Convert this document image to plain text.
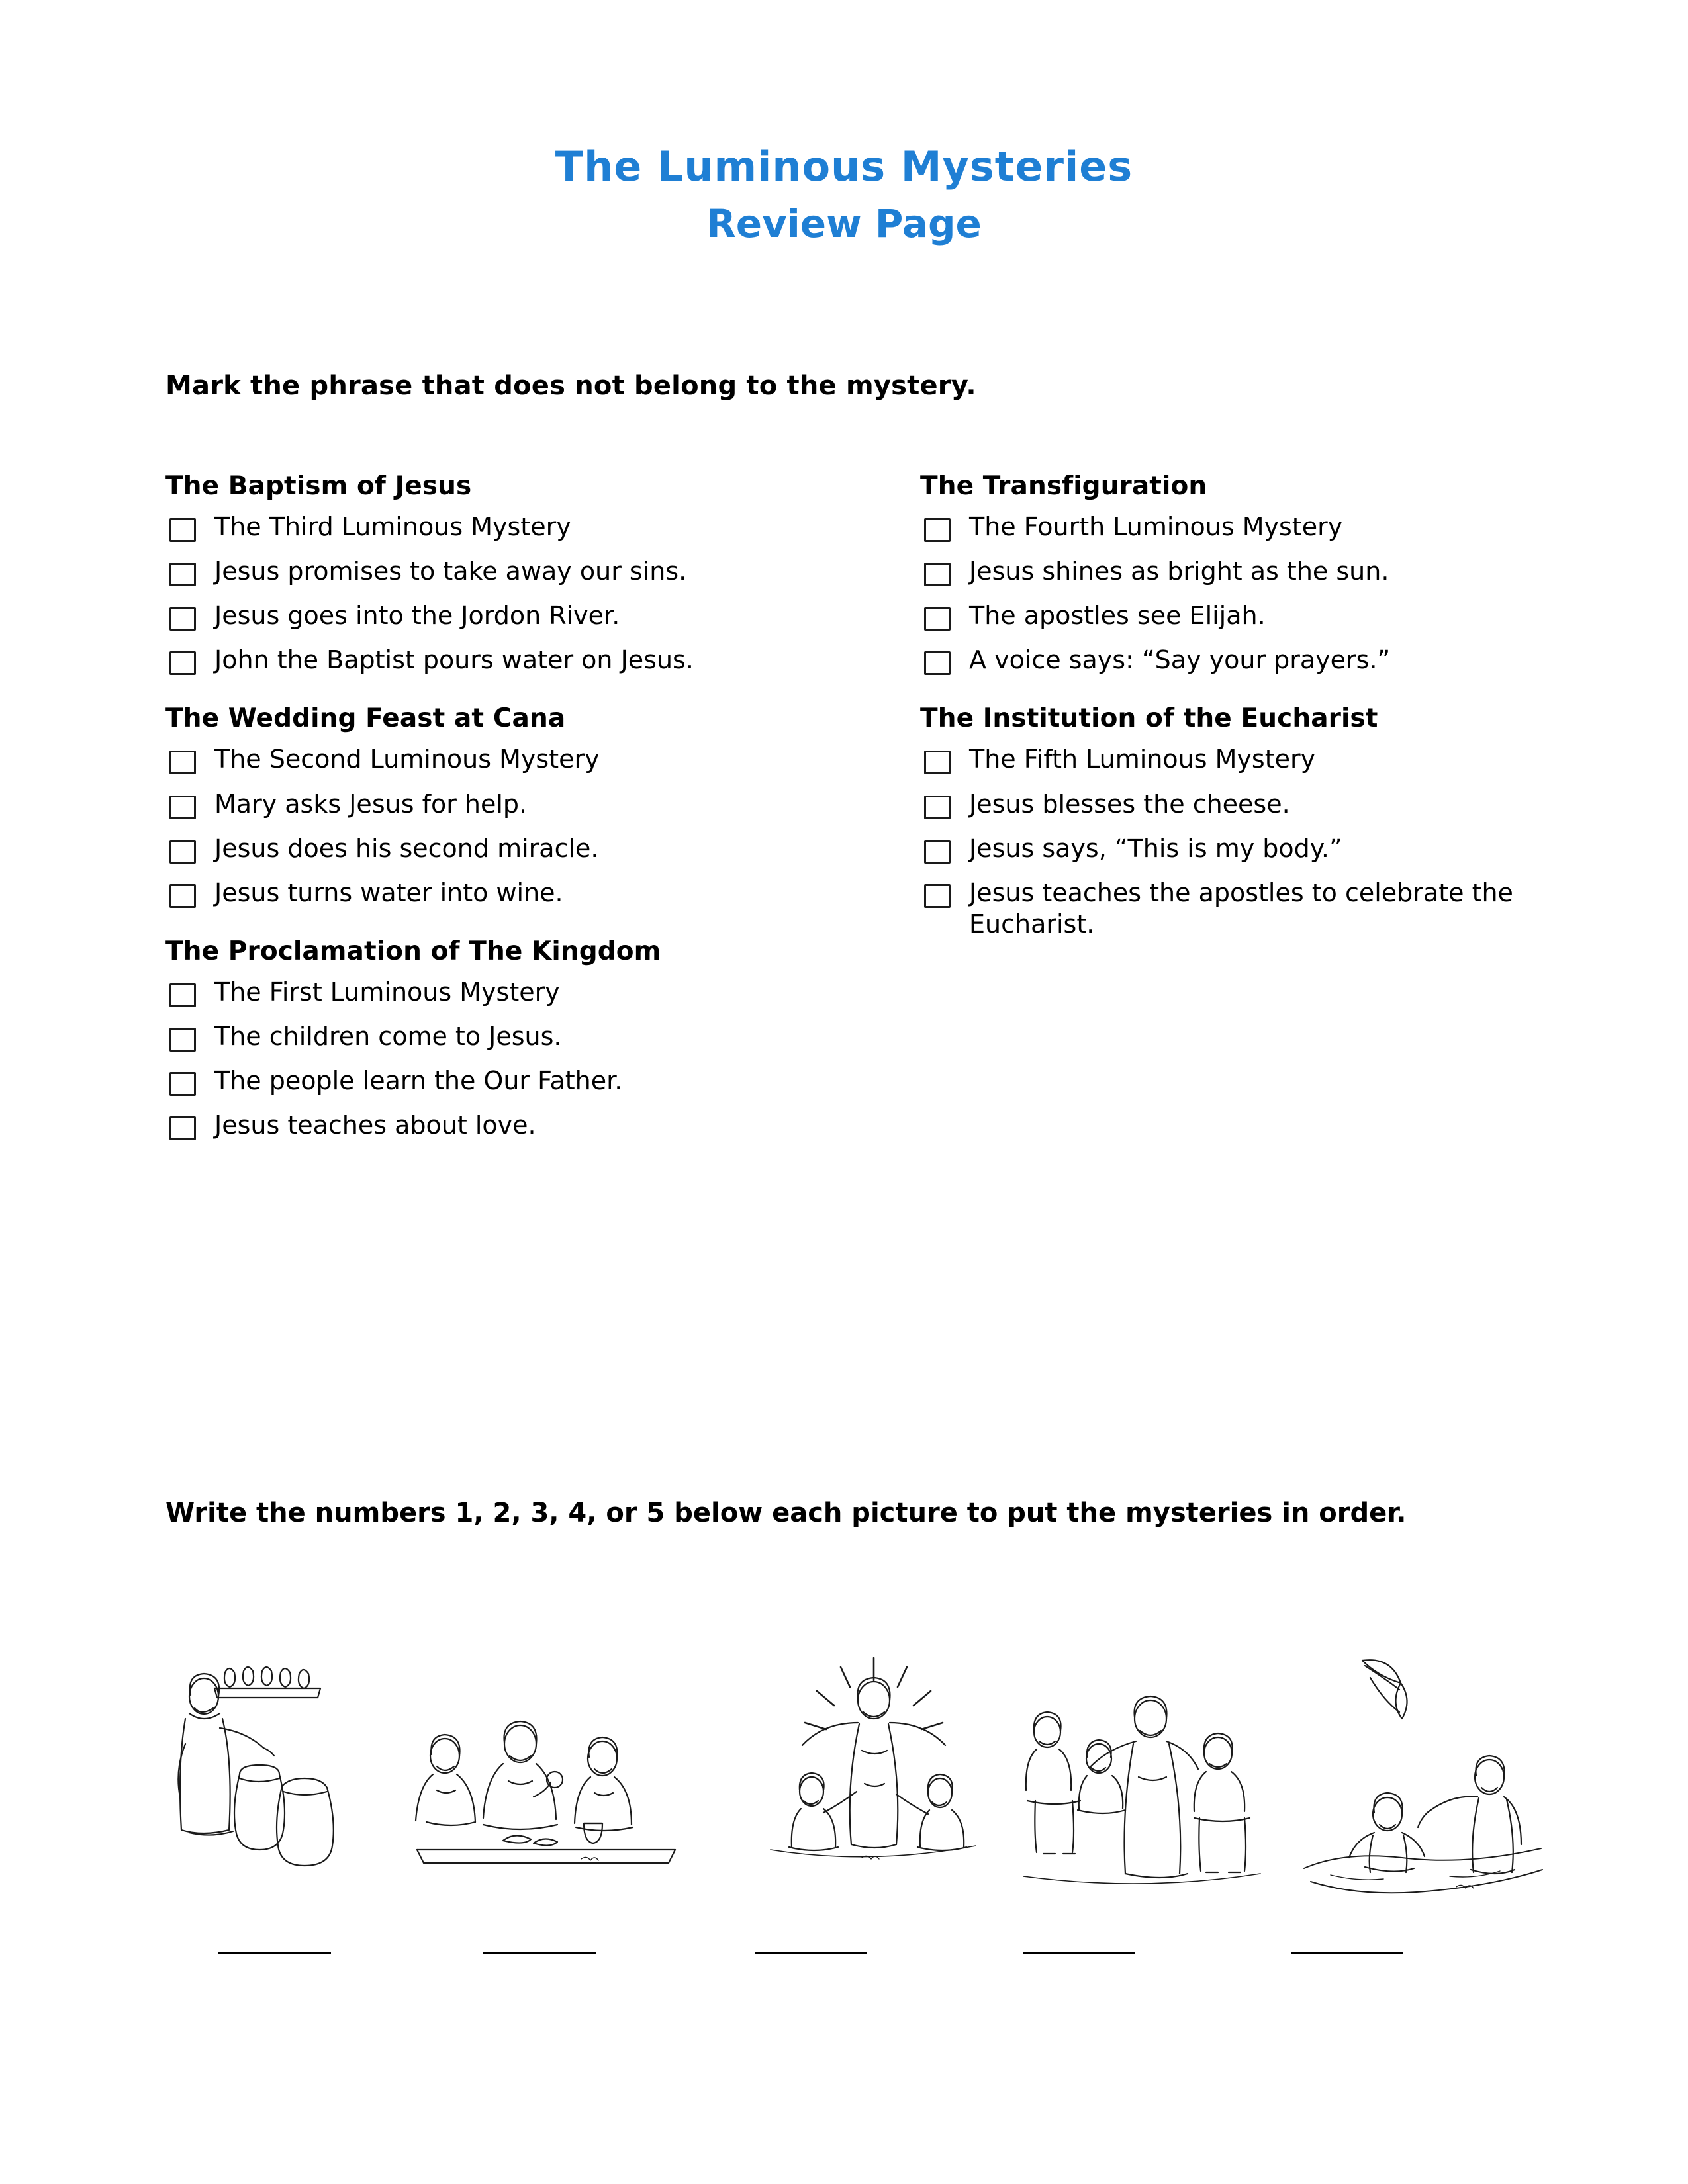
The Luminous Mysteries
Review Page
Mark the phrase that does not belong to the mystery.
The Baptism of Jesus
The Third Luminous Mystery
Jesus promises to take away our sins.
Jesus goes into the Jordon River.
John the Baptist pours water on Jesus.
The Wedding Feast at Cana
The Second Luminous Mystery
Mary asks Jesus for help.
Jesus does his second miracle.
Jesus turns water into wine.
The Proclamation of The Kingdom
The First Luminous Mystery
The children come to Jesus.
The people learn the Our Father.
Jesus teaches about love.
The Transfiguration
The Fourth Luminous Mystery
Jesus shines as bright as the sun.
The apostles see Elijah.
A voice says: “Say your prayers.”
The Institution of the Eucharist
The Fifth Luminous Mystery
Jesus blesses the cheese.
Jesus says, “This is my body.”
Jesus teaches the apostles to celebrate the Eucharist.
Write the numbers 1, 2, 3, 4, or 5 below each picture to put the mysteries in order.
